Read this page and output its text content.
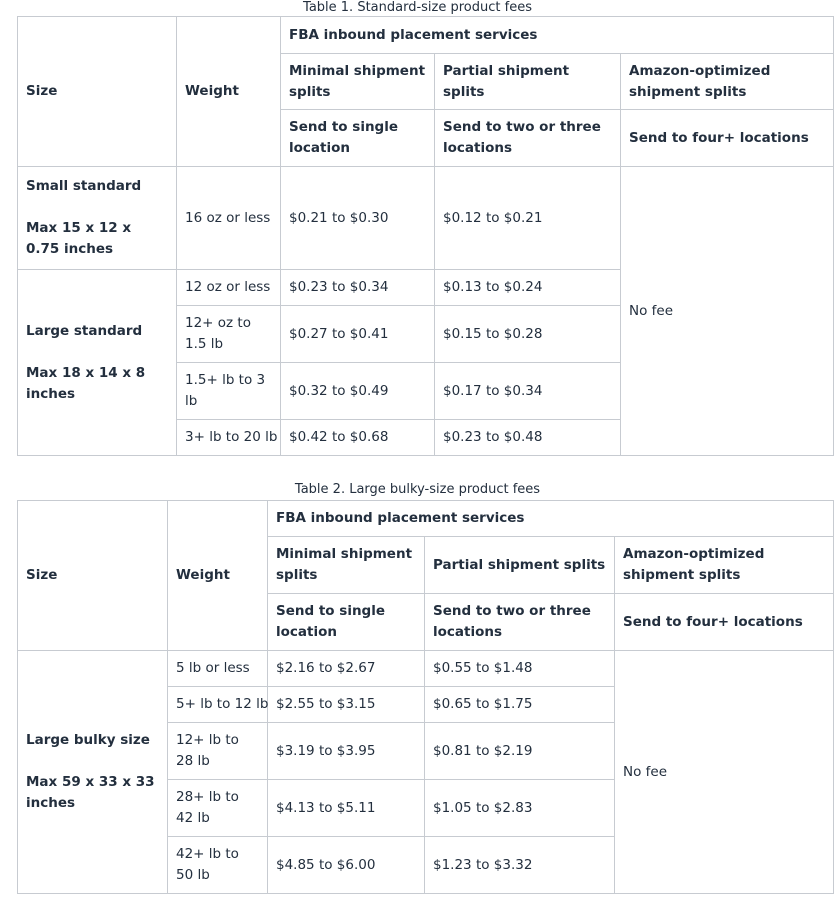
Table 1. Standard-size product fees
Size	Weight	FBA inbound placement services		
		Minimal shipment splits	Partial shipment splits	Amazon-optimized shipment splits
		Send to single location	Send to two or three locations	Send to four+ locations

Small standard
Max 15 x 12 x 0.75 inches	16 oz or less	$0.21 to $0.30	$0.12 to $0.21	No fee

Large standard
Max 18 x 14 x 8 inches	12 oz or less	$0.23 to $0.34	$0.13 to $0.24	
	12+ oz to 1.5 lb	$0.27 to $0.41	$0.15 to $0.28	
	1.5+ lb to 3 lb	$0.32 to $0.49	$0.17 to $0.34	
	3+ lb to 20 lb	$0.42 to $0.68	$0.23 to $0.48	
Table 2. Large bulky-size product fees
Size	Weight	FBA inbound placement services		
		Minimal shipment splits	Partial shipment splits	Amazon-optimized shipment splits
		Send to single location	Send to two or three locations	Send to four+ locations

Large bulky size
Max 59 x 33 x 33 inches	5 lb or less	$2.16 to $2.67	$0.55 to $1.48	No fee
	5+ lb to 12 lb	$2.55 to $3.15	$0.65 to $1.75	
	12+ lb to 28 lb	$3.19 to $3.95	$0.81 to $2.19	
	28+ lb to 42 lb	$4.13 to $5.11	$1.05 to $2.83	
	42+ lb to 50 lb	$4.85 to $6.00	$1.23 to $3.32	
